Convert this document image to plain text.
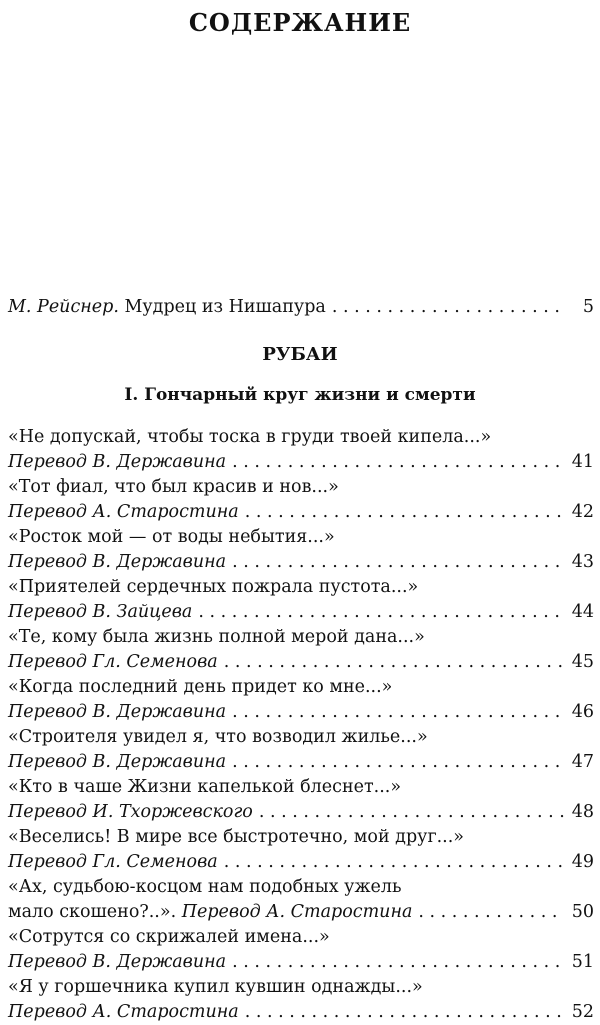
СОДЕРЖАНИЕ
М. Рейснер. Мудрец из Нишапура . . .	5
РУБАИ
I. Гончарный круг жизни и смерти
«Не допускай, чтобы тоска в груди твоей кипела...»
Перевод В. Державина . . .	41
«Тот фиал, что был красив и нов...»
Перевод А. Старостина . . .	42
«Росток мой — от воды небытия...»
Перевод В. Державина . . .	43
«Приятелей сердечных пожрала пустота...»
Перевод В. Зайцева . . .	44
«Те, кому была жизнь полной мерой дана...»
Перевод Гл. Семенова . . .	45
«Когда последний день придет ко мне...»
Перевод В. Державина . . .	46
«Строителя увидел я, что возводил жилье...»
Перевод В. Державина . . .	47
«Кто в чаше Жизни капелькой блеснет...»
Перевод И. Тхоржевского . . .	48
«Веселись! В мире все быстротечно, мой друг...»
Перевод Гл. Семенова . . .	49
«Ах, судьбою-косцом нам подобных ужель
мало скошено?..». Перевод А. Старостина . . .	50
«Сотрутся со скрижалей имена...»
Перевод В. Державина . . .	51
«Я у горшечника купил кувшин однажды...»
Перевод А. Старостина . . .	52
